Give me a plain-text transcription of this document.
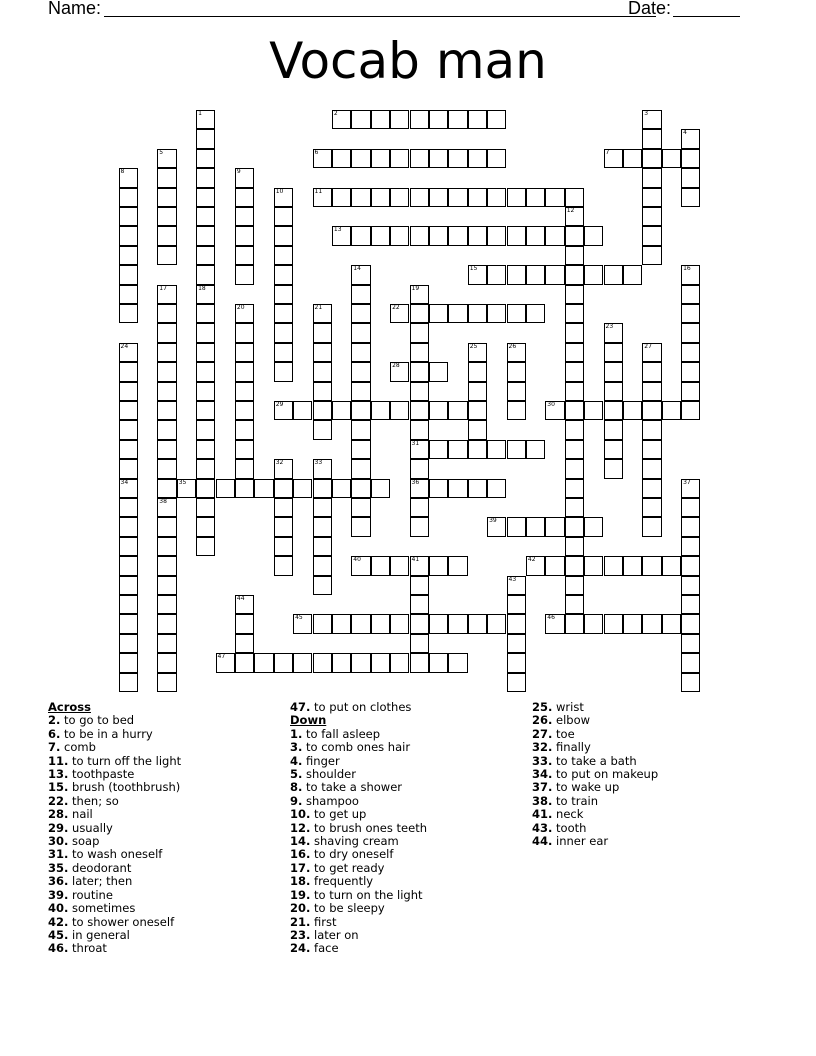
Name:	Date:
Vocab man
1
18
2	3
4
5	6	7
8	9
10	11
12
13
14	15	16
17	19
31
36
20	21	22
23
24	25	26	27
28
29	30
32	33
34	35	37
38
39
40	41	42
43
44
45	46
47
Across
2. to go to bed
6. to be in a hurry
7. comb
11. to turn off the light
13. toothpaste
15. brush (toothbrush)
22. then; so
28. nail
29. usually
30. soap
31. to wash oneself
35. deodorant
36. later; then
39. routine
40. sometimes
42. to shower oneself
45. in general
46. throat
47. to put on clothes
Down
1. to fall asleep
3. to comb ones hair
4. finger
5. shoulder
8. to take a shower
9. shampoo
10. to get up
12. to brush ones teeth
14. shaving cream
16. to dry oneself
17. to get ready
18. frequently
19. to turn on the light
20. to be sleepy
21. first
23. later on
24. face
25. wrist
26. elbow
27. toe
32. finally
33. to take a bath
34. to put on makeup
37. to wake up
38. to train
41. neck
43. tooth
44. inner ear
